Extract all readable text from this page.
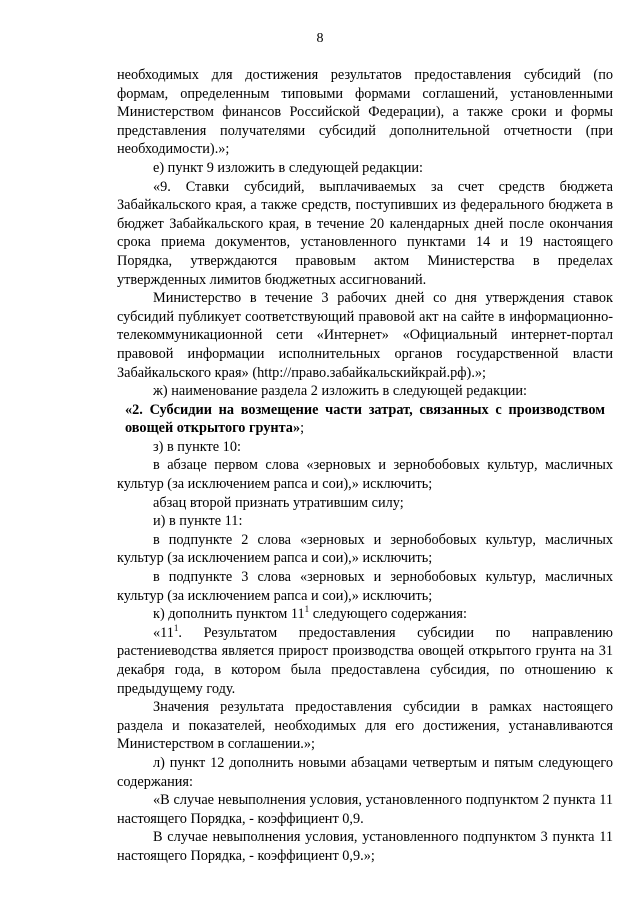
8

необходимых для достижения результатов предоставления субсидий (по формам, определенным типовыми формами соглашений, установленными Министерством финансов Российской Федерации), а также сроки и формы представления получателями субсидий дополнительной отчетности (при необходимости).»;

е) пункт 9 изложить в следующей редакции:

«9. Ставки субсидий, выплачиваемых за счет средств бюджета Забайкальского края, а также средств, поступивших из федерального бюджета в бюджет Забайкальского края, в течение 20 календарных дней после окончания срока приема документов, установленного пунктами 14 и 19 настоящего Порядка, утверждаются правовым актом Министерства в пределах утвержденных лимитов бюджетных ассигнований.

Министерство в течение 3 рабочих дней со дня утверждения ставок субсидий публикует соответствующий правовой акт на сайте в информационно-телекоммуникационной сети «Интернет» «Официальный интернет-портал правовой информации исполнительных органов государственной власти Забайкальского края» (http://право.забайкальскийкрай.рф).»;

ж) наименование раздела 2 изложить в следующей редакции:

«2. Субсидии на возмещение части затрат, связанных с производством овощей открытого грунта»;

з) в пункте 10:

в абзаце первом слова «зерновых и зернобобовых культур, масличных культур (за исключением рапса и сои),» исключить;

абзац второй признать утратившим силу;

и) в пункте 11:

в подпункте 2 слова «зерновых и зернобобовых культур, масличных культур (за исключением рапса и сои),» исключить;

в подпункте 3 слова «зерновых и зернобобовых культур, масличных культур (за исключением рапса и сои),» исключить;

к) дополнить пунктом $11^1$ следующего содержания:

«$11^1$. Результатом предоставления субсидии по направлению растениеводства является прирост производства овощей открытого грунта на 31 декабря года, в котором была предоставлена субсидия, по отношению к предыдущему году.

Значения результата предоставления субсидии в рамках настоящего раздела и показателей, необходимых для его достижения, устанавливаются Министерством в соглашении.»;

л) пункт 12 дополнить новыми абзацами четвертым и пятым следующего содержания:

«В случае невыполнения условия, установленного подпунктом 2 пункта 11 настоящего Порядка, - коэффициент 0,9.

В случае невыполнения условия, установленного подпунктом 3 пункта 11 настоящего Порядка, - коэффициент 0,9.»;
